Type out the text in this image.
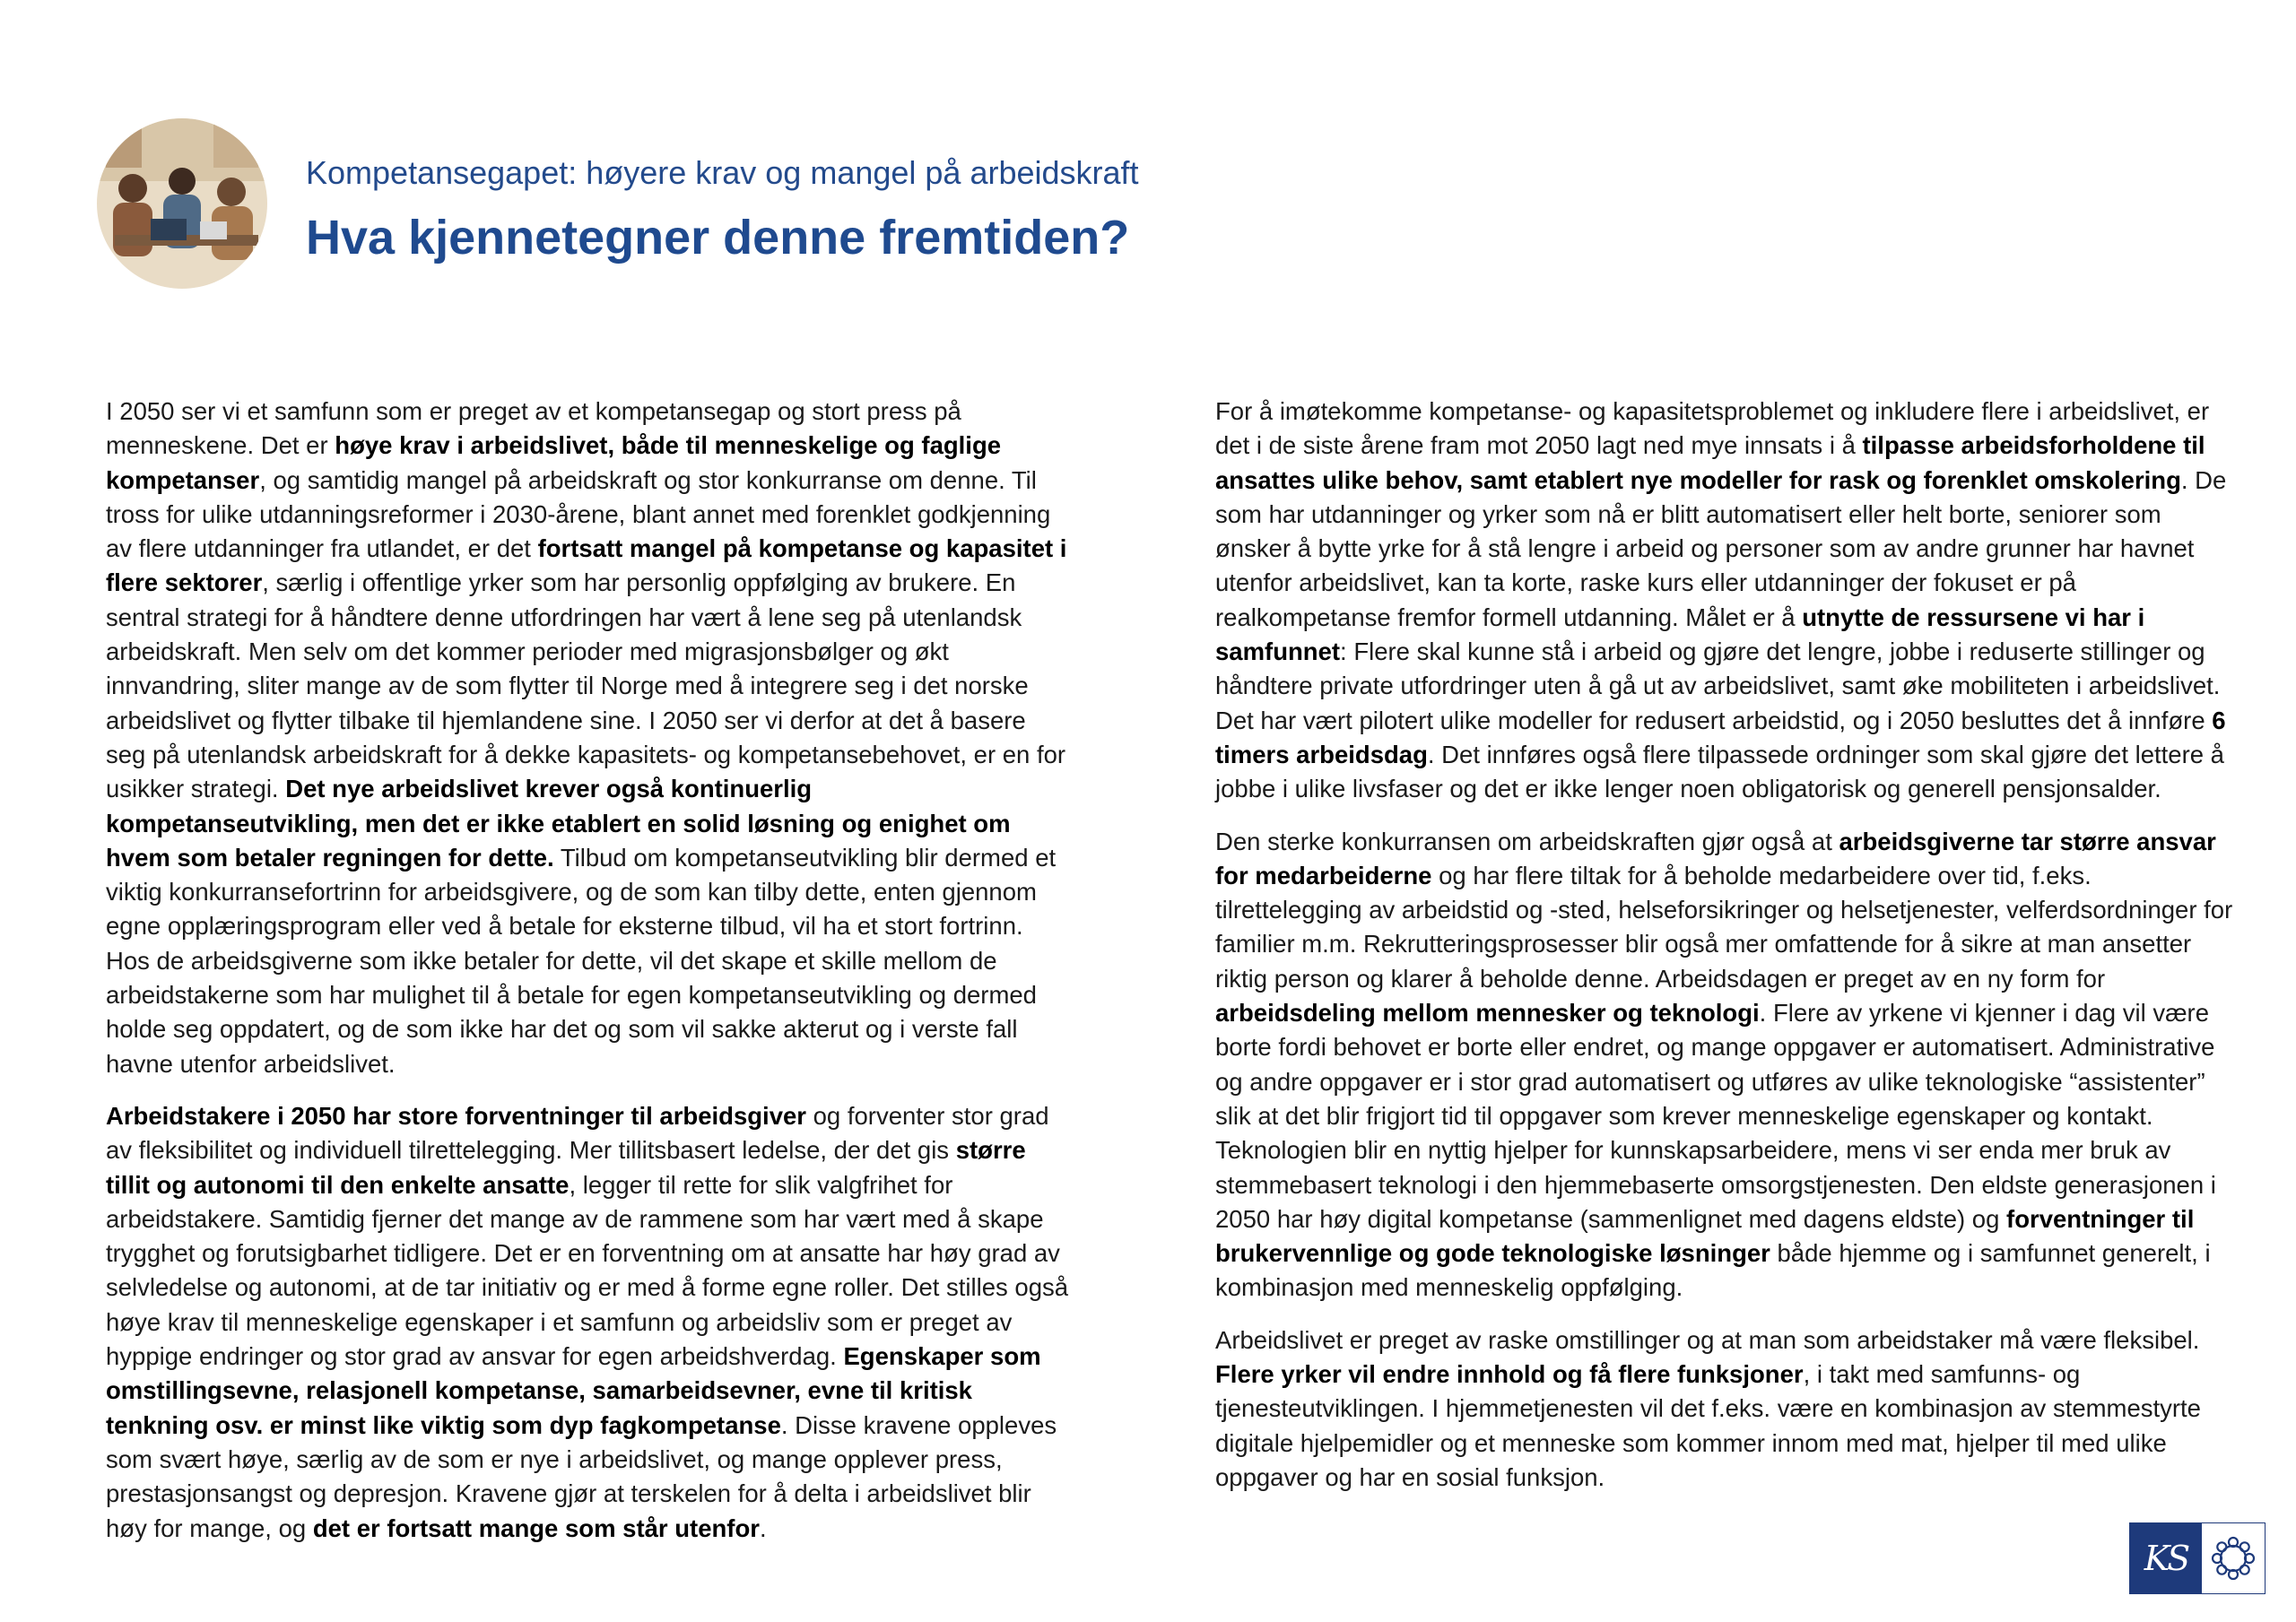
Kompetansegapet: høyere krav og mangel på arbeidskraft
Hva kjennetegner denne fremtiden?

I 2050 ser vi et samfunn som er preget av et kompetansegap og stort press på menneskene. Det er høye krav i arbeidslivet, både til menneskelige og faglige kompetanser, og samtidig mangel på arbeidskraft og stor konkurranse om denne. Til tross for ulike utdanningsreformer i 2030-årene, blant annet med forenklet godkjenning av flere utdanninger fra utlandet, er det fortsatt mangel på kompetanse og kapasitet i flere sektorer, særlig i offentlige yrker som har personlig oppfølging av brukere. En sentral strategi for å håndtere denne utfordringen har vært å lene seg på utenlandsk arbeidskraft. Men selv om det kommer perioder med migrasjonsbølger og økt innvandring, sliter mange av de som flytter til Norge med å integrere seg i det norske arbeidslivet og flytter tilbake til hjemlandene sine. I 2050 ser vi derfor at det å basere seg på utenlandsk arbeidskraft for å dekke kapasitets- og kompetansebehovet, er en for usikker strategi. Det nye arbeidslivet krever også kontinuerlig kompetanseutvikling, men det er ikke etablert en solid løsning og enighet om hvem som betaler regningen for dette. Tilbud om kompetanseutvikling blir dermed et viktig konkurransefortrinn for arbeidsgivere, og de som kan tilby dette, enten gjennom egne opplæringsprogram eller ved å betale for eksterne tilbud, vil ha et stort fortrinn. Hos de arbeidsgiverne som ikke betaler for dette, vil det skape et skille mellom de arbeidstakerne som har mulighet til å betale for egen kompetanseutvikling og dermed holde seg oppdatert, og de som ikke har det og som vil sakke akterut og i verste fall havne utenfor arbeidslivet.

Arbeidstakere i 2050 har store forventninger til arbeidsgiver og forventer stor grad av fleksibilitet og individuell tilrettelegging. Mer tillitsbasert ledelse, der det gis større tillit og autonomi til den enkelte ansatte, legger til rette for slik valgfrihet for arbeidstakere. Samtidig fjerner det mange av de rammene som har vært med å skape trygghet og forutsigbarhet tidligere. Det er en forventning om at ansatte har høy grad av selvledelse og autonomi, at de tar initiativ og er med å forme egne roller. Det stilles også høye krav til menneskelige egenskaper i et samfunn og arbeidsliv som er preget av hyppige endringer og stor grad av ansvar for egen arbeidshverdag. Egenskaper som omstillingsevne, relasjonell kompetanse, samarbeidsevner, evne til kritisk tenkning osv. er minst like viktig som dyp fagkompetanse. Disse kravene oppleves som svært høye, særlig av de som er nye i arbeidslivet, og mange opplever press, prestasjonsangst og depresjon. Kravene gjør at terskelen for å delta i arbeidslivet blir høy for mange, og det er fortsatt mange som står utenfor.

For å imøtekomme kompetanse- og kapasitetsproblemet og inkludere flere i arbeidslivet, er det i de siste årene fram mot 2050 lagt ned mye innsats i å tilpasse arbeidsforholdene til ansattes ulike behov, samt etablert nye modeller for rask og forenklet omskolering. De som har utdanninger og yrker som nå er blitt automatisert eller helt borte, seniorer som ønsker å bytte yrke for å stå lengre i arbeid og personer som av andre grunner har havnet utenfor arbeidslivet, kan ta korte, raske kurs eller utdanninger der fokuset er på realkompetanse fremfor formell utdanning. Målet er å utnytte de ressursene vi har i samfunnet: Flere skal kunne stå i arbeid og gjøre det lengre, jobbe i reduserte stillinger og håndtere private utfordringer uten å gå ut av arbeidslivet, samt øke mobiliteten i arbeidslivet. Det har vært pilotert ulike modeller for redusert arbeidstid, og i 2050 besluttes det å innføre 6 timers arbeidsdag. Det innføres også flere tilpassede ordninger som skal gjøre det lettere å jobbe i ulike livsfaser og det er ikke lenger noen obligatorisk og generell pensjonsalder.

Den sterke konkurransen om arbeidskraften gjør også at arbeidsgiverne tar større ansvar for medarbeiderne og har flere tiltak for å beholde medarbeidere over tid, f.eks. tilrettelegging av arbeidstid og -sted, helseforsikringer og helsetjenester, velferdsordninger for familier m.m. Rekrutteringsprosesser blir også mer omfattende for å sikre at man ansetter riktig person og klarer å beholde denne. Arbeidsdagen er preget av en ny form for arbeidsdeling mellom mennesker og teknologi. Flere av yrkene vi kjenner i dag vil være borte fordi behovet er borte eller endret, og mange oppgaver er automatisert. Administrative og andre oppgaver er i stor grad automatisert og utføres av ulike teknologiske “assistenter” slik at det blir frigjort tid til oppgaver som krever menneskelige egenskaper og kontakt. Teknologien blir en nyttig hjelper for kunnskapsarbeidere, mens vi ser enda mer bruk av stemmebasert teknologi i den hjemmebaserte omsorgstjenesten. Den eldste generasjonen i 2050 har høy digital kompetanse (sammenlignet med dagens eldste) og forventninger til brukervennlige og gode teknologiske løsninger både hjemme og i samfunnet generelt, i kombinasjon med menneskelig oppfølging.

Arbeidslivet er preget av raske omstillinger og at man som arbeidstaker må være fleksibel. Flere yrker vil endre innhold og få flere funksjoner, i takt med samfunns- og tjenesteutviklingen. I hjemmetjenesten vil det f.eks. være en kombinasjon av stemmestyrte digitale hjelpemidler og et menneske som kommer innom med mat, hjelper til med ulike oppgaver og har en sosial funksjon.

KS
